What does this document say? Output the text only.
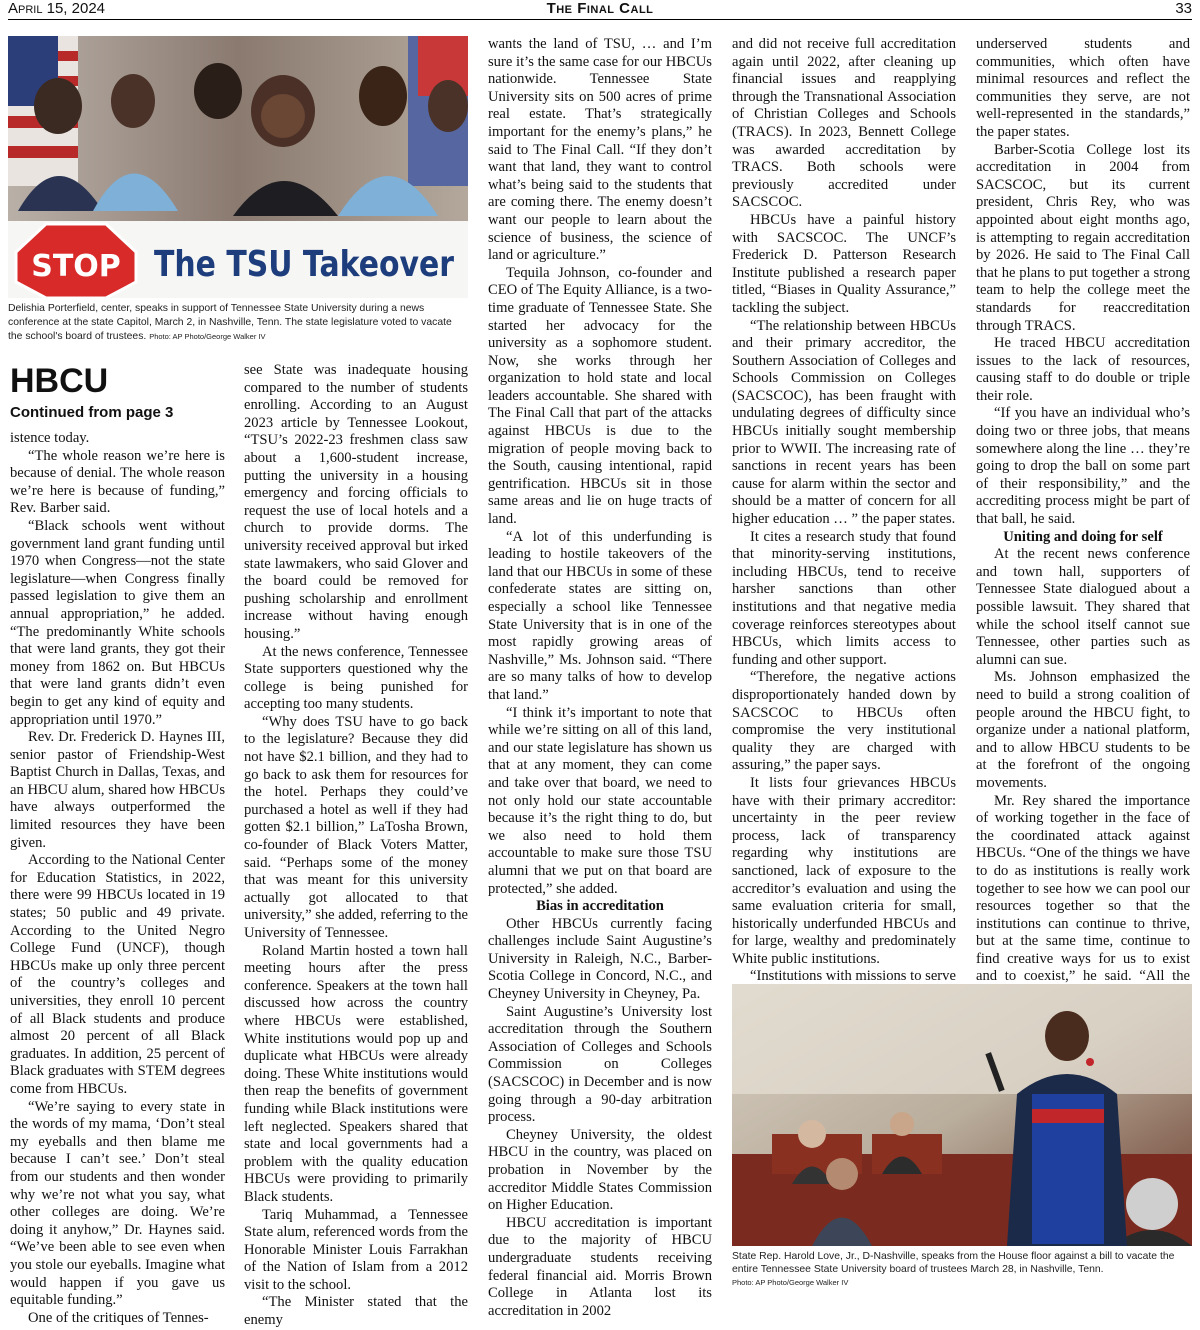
April 15, 2024	The Final Call	33
STOP The TSU Takeover
Delishia Porterfield, center, speaks in support of Tennessee State University during a news conference at the state Capitol, March 2, in Nashville, Tenn. The state legislature voted to vacate the school's board of trustees. Photo: AP Photo/George Walker IV
HBCU
Continued from page 3

istence today.

“The whole reason we’re here is because of denial. The whole reason we’re here is because of funding,” Rev. Barber said.

“Black schools went without government land grant funding until 1970 when Congress—not the state legislature—when Congress finally passed legislation to give them an annual appropriation,” he added. “The predominantly White schools that were land grants, they got their money from 1862 on. But HBCUs that were land grants didn’t even begin to get any kind of equity and appropriation until 1970.”

Rev. Dr. Frederick D. Haynes III, senior pastor of Friendship-West Baptist Church in Dallas, Texas, and an HBCU alum, shared how HBCUs have always outperformed the limited resources they have been given.

According to the National Center for Education Statistics, in 2022, there were 99 HBCUs located in 19 states; 50 public and 49 private. According to the United Negro College Fund (UNCF), though HBCUs make up only three percent of the country’s colleges and universities, they enroll 10 percent of all Black students and produce almost 20 percent of all Black graduates. In addition, 25 percent of Black graduates with STEM degrees come from HBCUs.

“We’re saying to every state in the words of my mama, ‘Don’t steal my eyeballs and then blame me because I can’t see.’ Don’t steal from our students and then wonder why we’re not what you say, what other colleges are doing. We’re doing it anyhow,” Dr. Haynes said. “We’ve been able to see even when you stole our eyeballs. Imagine what would happen if you gave us equitable funding.”

One of the critiques of Tennes-

see State was inadequate housing compared to the number of students enrolling. According to an August 2023 article by Tennessee Lookout, “TSU’s 2022-23 freshmen class saw about a 1,600-student increase, putting the university in a housing emergency and forcing officials to request the use of local hotels and a church to provide dorms. The university received approval but irked state lawmakers, who said Glover and the board could be removed for pushing scholarship and enrollment increase without having enough housing.”

At the news conference, Tennessee State supporters questioned why the college is being punished for accepting too many students.

“Why does TSU have to go back to the legislature? Because they did not have $2.1 billion, and they had to go back to ask them for resources for the hotel. Perhaps they could’ve purchased a hotel as well if they had gotten $2.1 billion,” LaTosha Brown, co-founder of Black Voters Matter, said. “Perhaps some of the money that was meant for this university actually got allocated to that university,” she added, referring to the University of Tennessee.

Roland Martin hosted a town hall meeting hours after the press conference. Speakers at the town hall discussed how across the country where HBCUs were established, White institutions would pop up and duplicate what HBCUs were already doing. These White institutions would then reap the benefits of government funding while Black institutions were left neglected. Speakers shared that state and local governments had a problem with the quality education HBCUs were providing to primarily Black students.

Tariq Muhammad, a Tennessee State alum, referenced words from the Honorable Minister Louis Farrakhan of the Nation of Islam from a 2012 visit to the school.

“The Minister stated that the enemy

wants the land of TSU, … and I’m sure it’s the same case for our HBCUs nationwide. Tennessee State University sits on 500 acres of prime real estate. That’s strategically important for the enemy’s plans,” he said to The Final Call. “If they don’t want that land, they want to control what’s being said to the students that are coming there. The enemy doesn’t want our people to learn about the science of business, the science of land or agriculture.”

Tequila Johnson, co-founder and CEO of The Equity Alliance, is a two-time graduate of Tennessee State. She started her advocacy for the university as a sophomore student. Now, she works through her organization to hold state and local leaders accountable. She shared with The Final Call that part of the attacks against HBCUs is due to the migration of people moving back to the South, causing intentional, rapid gentrification. HBCUs sit in those same areas and lie on huge tracts of land.

“A lot of this underfunding is leading to hostile takeovers of the land that our HBCUs in some of these confederate states are sitting on, especially a school like Tennessee State University that is in one of the most rapidly growing areas of Nashville,” Ms. Johnson said. “There are so many talks of how to develop that land.”

“I think it’s important to note that while we’re sitting on all of this land, and our state legislature has shown us that at any moment, they can come and take over that board, we need to not only hold our state accountable because it’s the right thing to do, but we also need to hold them accountable to make sure those TSU alumni that we put on that board are protected,” she added.

Bias in accreditation

Other HBCUs currently facing challenges include Saint Augustine’s University in Raleigh, N.C., Barber-Scotia College in Concord, N.C., and Cheyney University in Cheyney, Pa.

Saint Augustine’s University lost accreditation through the Southern Association of Colleges and Schools Commission on Colleges (SACSCOC) in December and is now going through a 90-day arbitration process.

Cheyney University, the oldest HBCU in the country, was placed on probation in November by the accreditor Middle States Commission on Higher Education.

HBCU accreditation is important due to the majority of HBCU undergraduate students receiving federal financial aid. Morris Brown College in Atlanta lost its accreditation in 2002

and did not receive full accreditation again until 2022, after cleaning up financial issues and reapplying through the Transnational Association of Christian Colleges and Schools (TRACS). In 2023, Bennett College was awarded accreditation by TRACS. Both schools were previously accredited under SACSCOC.

HBCUs have a painful history with SACSCOC. The UNCF’s Frederick D. Patterson Research Institute published a research paper titled, “Biases in Quality Assurance,” tackling the subject.

“The relationship between HBCUs and their primary accreditor, the Southern Association of Colleges and Schools Commission on Colleges (SACSCOC), has been fraught with undulating degrees of difficulty since HBCUs initially sought membership prior to WWII. The increasing rate of sanctions in recent years has been cause for alarm within the sector and should be a matter of concern for all higher education … ” the paper states.

It cites a research study that found that minority-serving institutions, including HBCUs, tend to receive harsher sanctions than other institutions and that negative media coverage reinforces stereotypes about HBCUs, which limits access to funding and other support.

“Therefore, the negative actions disproportionately handed down by SACSCOC to HBCUs often compromise the very institutional quality they are charged with assuring,” the paper says.

It lists four grievances HBCUs have with their primary accreditor: uncertainty in the peer review process, lack of transparency regarding why institutions are sanctioned, lack of exposure to the accreditor’s evaluation and using the same evaluation criteria for small, historically underfunded HBCUs and for large, wealthy and predominately White public institutions.

“Institutions with missions to serve

underserved students and communities, which often have minimal resources and reflect the communities they serve, are not well-represented in the standards,” the paper states.

Barber-Scotia College lost its accreditation in 2004 from SACSCOC, but its current president, Chris Rey, who was appointed about eight months ago, is attempting to regain accreditation by 2026. He said to The Final Call that he plans to put together a strong team to help the college meet the standards for reaccreditation through TRACS.

He traced HBCU accreditation issues to the lack of resources, causing staff to do double or triple their role.

“If you have an individual who’s doing two or three jobs, that means somewhere along the line … they’re going to drop the ball on some part of their responsibility,” and the accrediting process might be part of that ball, he said.

Uniting and doing for self

At the recent news conference and town hall, supporters of Tennessee State dialogued about a possible lawsuit. They shared that while the school itself cannot sue Tennessee, other parties such as alumni can sue.

Ms. Johnson emphasized the need to build a strong coalition of people around the HBCU fight, to organize under a national platform, and to allow HBCU students to be at the forefront of the ongoing movements.

Mr. Rey shared the importance of working together in the face of the coordinated attack against HBCUs. “One of the things we have to do as institutions is really work together to see how we can pool our resources together so that the institutions can continue to thrive, but at the same time, continue to find creative ways for us to exist and to coexist,” he said. “All the

State Rep. Harold Love, Jr., D-Nashville, speaks from the House floor against a bill to vacate the entire Tennessee State University board of trustees March 28, in Nashville, Tenn.
Photo: AP Photo/George Walker IV
